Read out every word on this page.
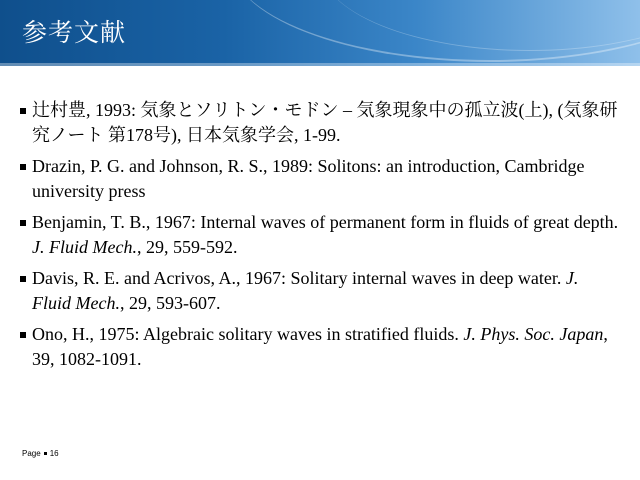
参考文献
辻村豊, 1993: 気象とソリトン・モドン – 気象現象中の孤立波(上), (気象研究ノート 第178号), 日本気象学会, 1-99.
Drazin, P. G. and Johnson, R. S., 1989: Solitons: an introduction, Cambridge university press
Benjamin, T. B., 1967: Internal waves of permanent form in fluids of great depth. J. Fluid Mech., 29, 559-592.
Davis, R. E. and Acrivos, A., 1967: Solitary internal waves in deep water. J. Fluid Mech., 29, 593-607.
Ono, H., 1975: Algebraic solitary waves in stratified fluids. J. Phys. Soc. Japan, 39, 1082-1091.
Page 16
